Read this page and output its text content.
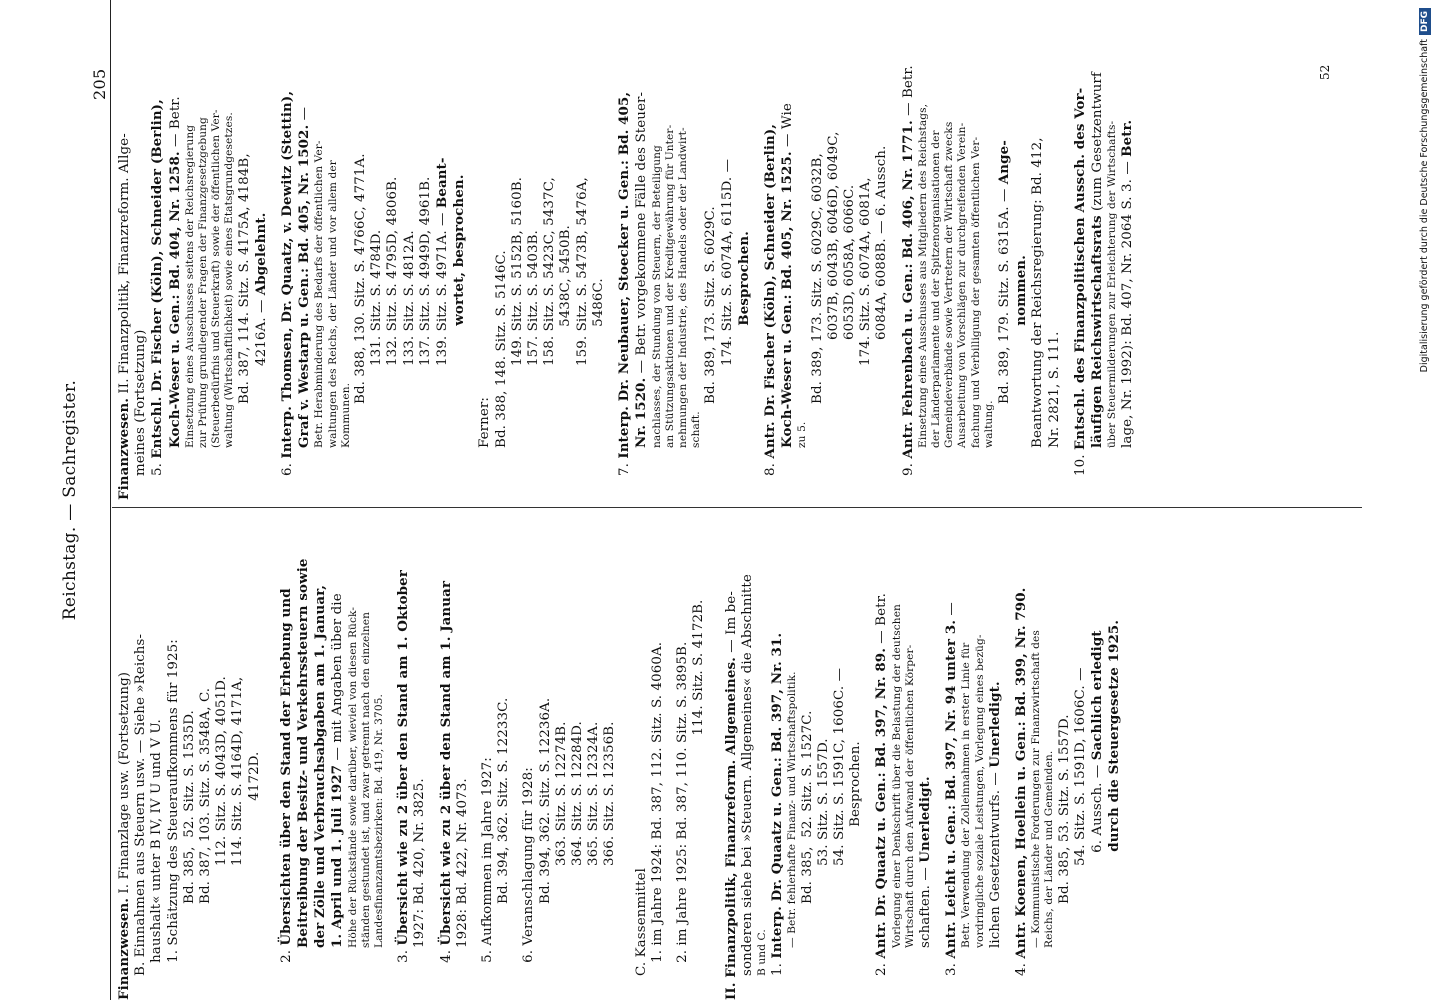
Reichstag. — Sachregister.
205

Finanzwesen. I. Finanzlage usw. (Fortsetzung) B. Einnahmen aus Steuern usw. — Siehe »Reichs- haushalt« unter B IV, IV U und V U. 1. Schätzung des Steueraufkommens für 1925: Bd. 385,  52. Sitz. S. 1535D. Bd. 387, 103. Sitz. S. 3548A, C. 112. Sitz. S. 4043D, 4051D. 114. Sitz. S. 4164D, 4171A, 4172D.

2. Übersichten über den Stand der Erhebung und Beitreibung der Besitz- und Verkehrssteuern sowie der Zölle und Verbrauchsabgaben am 1. Januar, 1. April und 1. Juli 1927 — mit Angaben über die Höhe der Rückstände sowie darüber, wieviel von diesen Rück- ständen gestundet ist, und zwar getrennt nach den einzelnen Landesfinanzamtsbezirken: Bd. 419, Nr. 3705.

3. Übersicht wie zu 2 über den Stand am 1. Oktober 1927: Bd. 420, Nr. 3825.

4. Übersicht wie zu 2 über den Stand am 1. Januar 1928: Bd. 422, Nr. 4073.

5. Aufkommen im Jahre 1927: Bd. 394, 362. Sitz. S. 12233C.

6. Veranschlagung für 1928: Bd. 394, 362. Sitz. S. 12236A. 363. Sitz. S. 12274B. 364. Sitz. S. 12284D. 365. Sitz. S. 12324A. 366. Sitz. S. 12356B.

C. Kassenmittel 1. im Jahre 1924: Bd. 387, 112. Sitz. S. 4060A.

2. im Jahre 1925: Bd. 387, 110. Sitz. S. 3895B. 114. Sitz. S. 4172B.

II. Finanzpolitik, Finanzreform. Allgemeines. — Im be-

sonderen siehe bei »Steuern. Allgemeines« die Abschnitte

B und C. 1. Interp. Dr. Quaatz u. Gen.: Bd. 397, Nr. 31. — Betr. fehlerhafte Finanz- und Wirtschaftspolitik. Bd. 385,  52. Sitz. S. 1527C. 53. Sitz. S. 1557D. 54. Sitz. S. 1591C, 1606C. — Besprochen.

2. Antr. Dr. Quaatz u. Gen.: Bd. 397, Nr. 89. — Betr. Vorlegung einer Denkschrift über die Belastung der deutschen Wirtschaft durch den Aufwand der öffentlichen Körper- schaften. — Unerledigt.

3. Antr. Leicht u. Gen.: Bd. 397, Nr. 94 unter 3. —

Betr. Verwendung der Zolleinnahmen in erster Linie für vordringliche soziale Leistungen, Vorlegung eines bezüg- lichen Gesetzentwurfs. — Unerledigt.

4. Antr. Koenen, Hoellein u. Gen.: Bd. 399, Nr. 790. — Kommunistische Forderungen zur Finanzwirtschaft des Reichs, der Länder und Gemeinden. Bd. 385, 53. Sitz. S. 1557D. 54. Sitz. S. 1591D, 1606C. — 6. Aussch. — Sachlich erledigt durch die Steuergesetze 1925.

Finanzwesen. II. Finanzpolitik, Finanzreform. Allge-

meines (Fortsetzung) 5. Entschl. Dr. Fischer (Köln), Schneider (Berlin), Koch-Weser u. Gen.: Bd. 404, Nr. 1258. — Betr.

Einsetzung eines Ausschusses seitens der Reichsregierung zur Prüfung grundlegender Fragen der Finanzgesetzgebung (Steuerbedürfnis und Steuerkraft) sowie der öffentlichen Ver- waltung (Wirtschaftlichkeit) sowie eines Etatsgrundgesetzes. Bd. 387, 114. Sitz. S. 4175A, 4184B, 4216A. — Abgelehnt.

6. Interp. Thomsen, Dr. Quaatz, v. Dewitz (Stettin), Graf v. Westarp u. Gen.: Bd. 405, Nr. 1502. —

Betr. Herabminderung des Bedarfs der öffentlichen Ver- waltungen des Reichs, der Länder und vor allem der Kommunen.

Bd. 388, 130. Sitz. S. 4766C, 4771A. 131. Sitz. S. 4784D. 132. Sitz. S. 4795D, 4806B. 133. Sitz. S. 4812A. 137. Sitz. S. 4949D, 4961B. 139. Sitz. S. 4971A. — Beant- wortet, besprochen.

Ferner: Bd. 388, 148. Sitz. S. 5146C. 149. Sitz. S. 5152B, 5160B. 157. Sitz. S. 5403B. 158. Sitz. S. 5423C, 5437C, 5438C, 5450B. 159. Sitz. S. 5473B, 5476A, 5486C.

7. Interp. Dr. Neubauer, Stoecker u. Gen.: Bd. 405, Nr. 1520. — Betr. vorgekommene Fälle des Steuer- nachlasses, der Stundung von Steuern, der Beteiligung an Stützungsaktionen und der Kreditgewährung für Unter- nehmungen der Industrie, des Handels oder der Landwirt- schaft.

Bd. 389, 173. Sitz. S. 6029C. 174. Sitz. S. 6074A, 6115D. — Besprochen.

8. Antr. Dr. Fischer (Köln), Schneider (Berlin), Koch-Weser u. Gen.: Bd. 405, Nr. 1525. — Wie

zu 5.

Bd. 389, 173. Sitz. S. 6029C, 6032B, 6037B, 6043B, 6046D, 6049C, 6053D, 6058A, 6066C. 174. Sitz. S. 6074A, 6081A, 6084A, 6088B. — 6. Aussch.

9. Antr. Fehrenbach u. Gen.: Bd. 406, Nr. 1771. — Betr.

Einsetzung eines Ausschusses aus Mitgliedern des Reichstags, der Länderparlamente und der Spitzenorganisationen der Gemeindeverbände sowie Vertretern der Wirtschaft zwecks Ausarbeitung von Vorschlägen zur durchgreifenden Verein- fachung und Verbilligung der gesamten öffentlichen Ver- waltung.

Bd. 389, 179. Sitz. S. 6315A. — Ange-

nommen. Beantwortung der Reichsregierung: Bd. 412, Nr. 2821, S. 111.

10. Entschl. des Finanzpolitischen Aussch. des Vor- läufigen Reichswirtschaftsrats (zum Gesetzentwurf über Steuermilderungen zur Erleichterung der Wirtschafts- lage, Nr. 1992): Bd. 407, Nr. 2064 S. 3. — Betr.

52	Digitalisierung gefördert durch die Deutsche Forschungsgemeinschaft
DFG
